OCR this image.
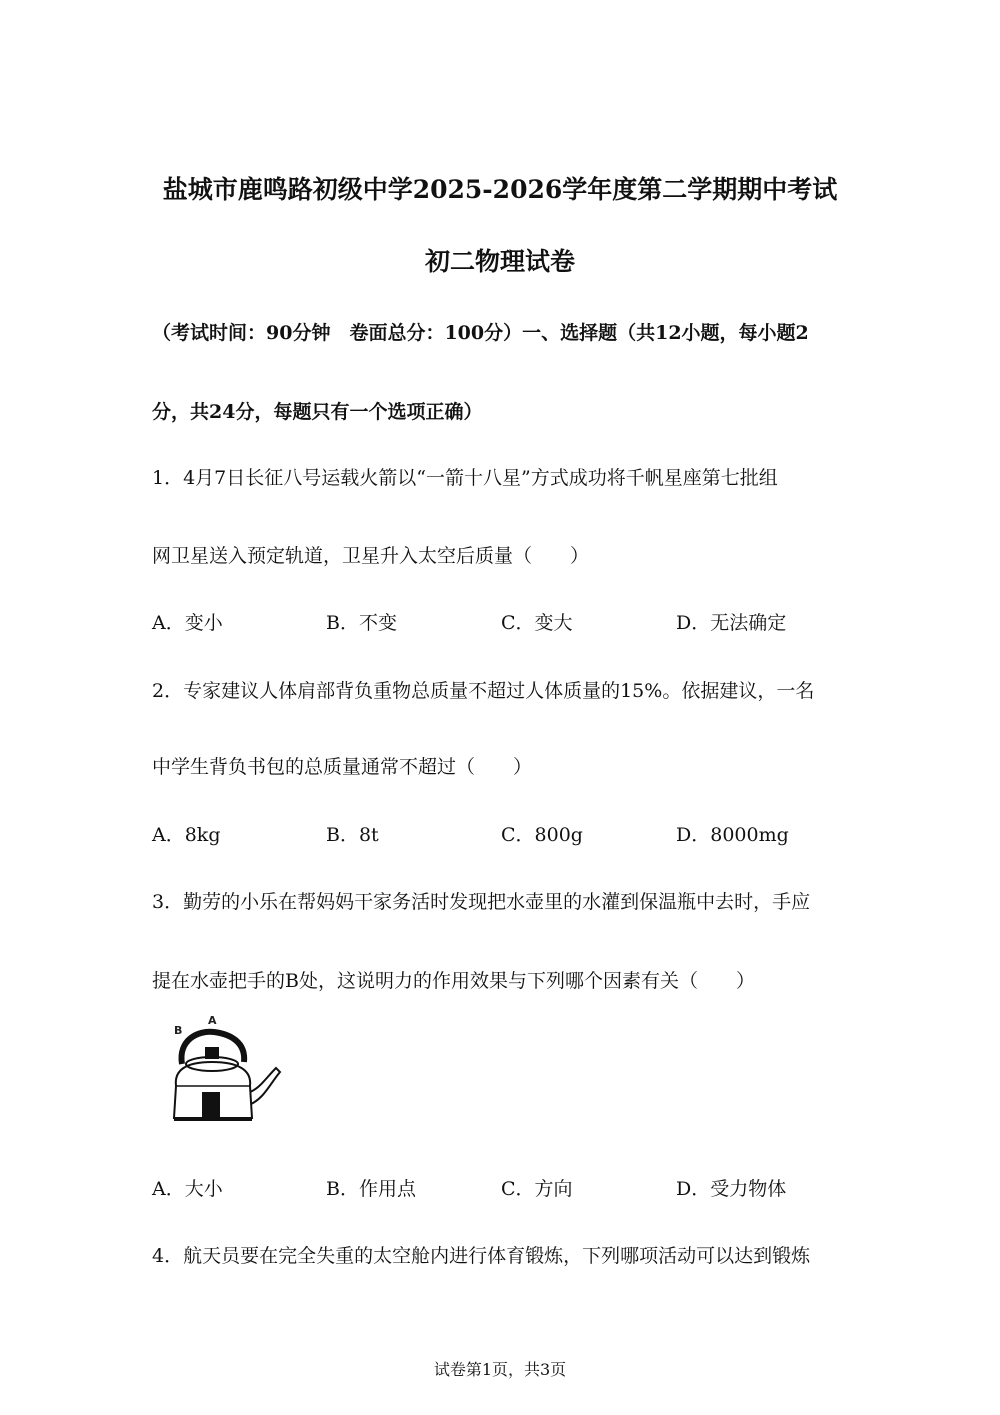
盐城市鹿鸣路初级中学2025-2026学年度第二学期期中考试
初二物理试卷
（考试时间：90分钟　卷面总分：100分）一、选择题（共12小题，每小题2
分，共24分，每题只有一个选项正确）
1．4月7日长征八号运载火箭以“一箭十八星”方式成功将千帆星座第七批组
网卫星送入预定轨道，卫星升入太空后质量（　　）
A．变小	B．不变	C．变大	D．无法确定
2．专家建议人体肩部背负重物总质量不超过人体质量的15%。依据建议，一名
中学生背负书包的总质量通常不超过（　　）
A．8kg	B．8t	C．800g	D．8000mg
3．勤劳的小乐在帮妈妈干家务活时发现把水壶里的水灌到保温瓶中去时，手应
提在水壶把手的B处，这说明力的作用效果与下列哪个因素有关（　　）
B
A
A．大小	B．作用点	C．方向	D．受力物体
4．航天员要在完全失重的太空舱内进行体育锻炼，下列哪项活动可以达到锻炼
试卷第1页，共3页
